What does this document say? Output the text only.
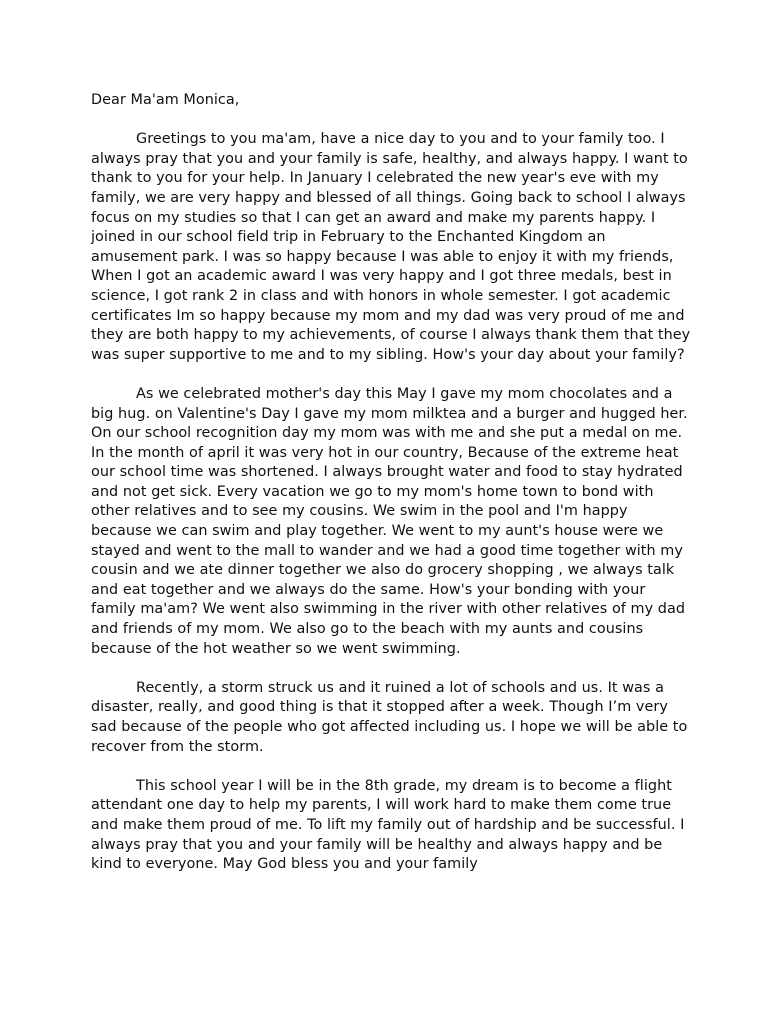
Dear Ma'am Monica,

Greetings to you ma'am, have a nice day to you and to your family too. I always pray that you and your family is safe, healthy, and always happy. I want to thank to you for your help. In January I celebrated the new year's eve with my family, we are very happy and blessed of all things. Going back to school I always focus on my studies so that I can get an award and make my parents happy. I joined in our school field trip in February to the Enchanted Kingdom an amusement park. I was so happy because I was able to enjoy it with my friends, When I got an academic award I was very happy and I got three medals, best in science, I got rank 2 in class and with honors in whole semester. I got academic certificates Im so happy because my mom and my dad was very proud of me and they are both happy to my achievements, of course I always thank them that they was super supportive to me and to my sibling. How's your day about your family?

As we celebrated mother's day this May I gave my mom chocolates and a big hug. on Valentine's Day I gave my mom milktea and a burger and hugged her. On our school recognition day my mom was with me and she put a medal on me. In the month of april it was very hot in our country, Because of the extreme heat our school time was shortened. I always brought water and food to stay hydrated and not get sick. Every vacation we go to my mom's home town to bond with other relatives and to see my cousins. We swim in the pool and I'm happy because we can swim and play together. We went to my aunt's house were we stayed and went to the mall to wander and we had a good time together with my cousin and we ate dinner together we also do grocery shopping , we always talk and eat together and we always do the same. How's your bonding with your family ma'am? We went also swimming in the river with other relatives of my dad and friends of my mom. We also go to the beach with my aunts and cousins because of the hot weather so we went swimming.

Recently, a storm struck us and it ruined a lot of schools and us. It was a disaster, really, and good thing is that it stopped after a week. Though I’m very sad because of the people who got affected including us. I hope we will be able to recover from the storm.

This school year I will be in the 8th grade, my dream is to become a flight attendant one day to help my parents, I will work hard to make them come true and make them proud of me. To lift my family out of hardship and be successful. I always pray that you and your family will be healthy and always happy and be kind to everyone. May God bless you and your family
